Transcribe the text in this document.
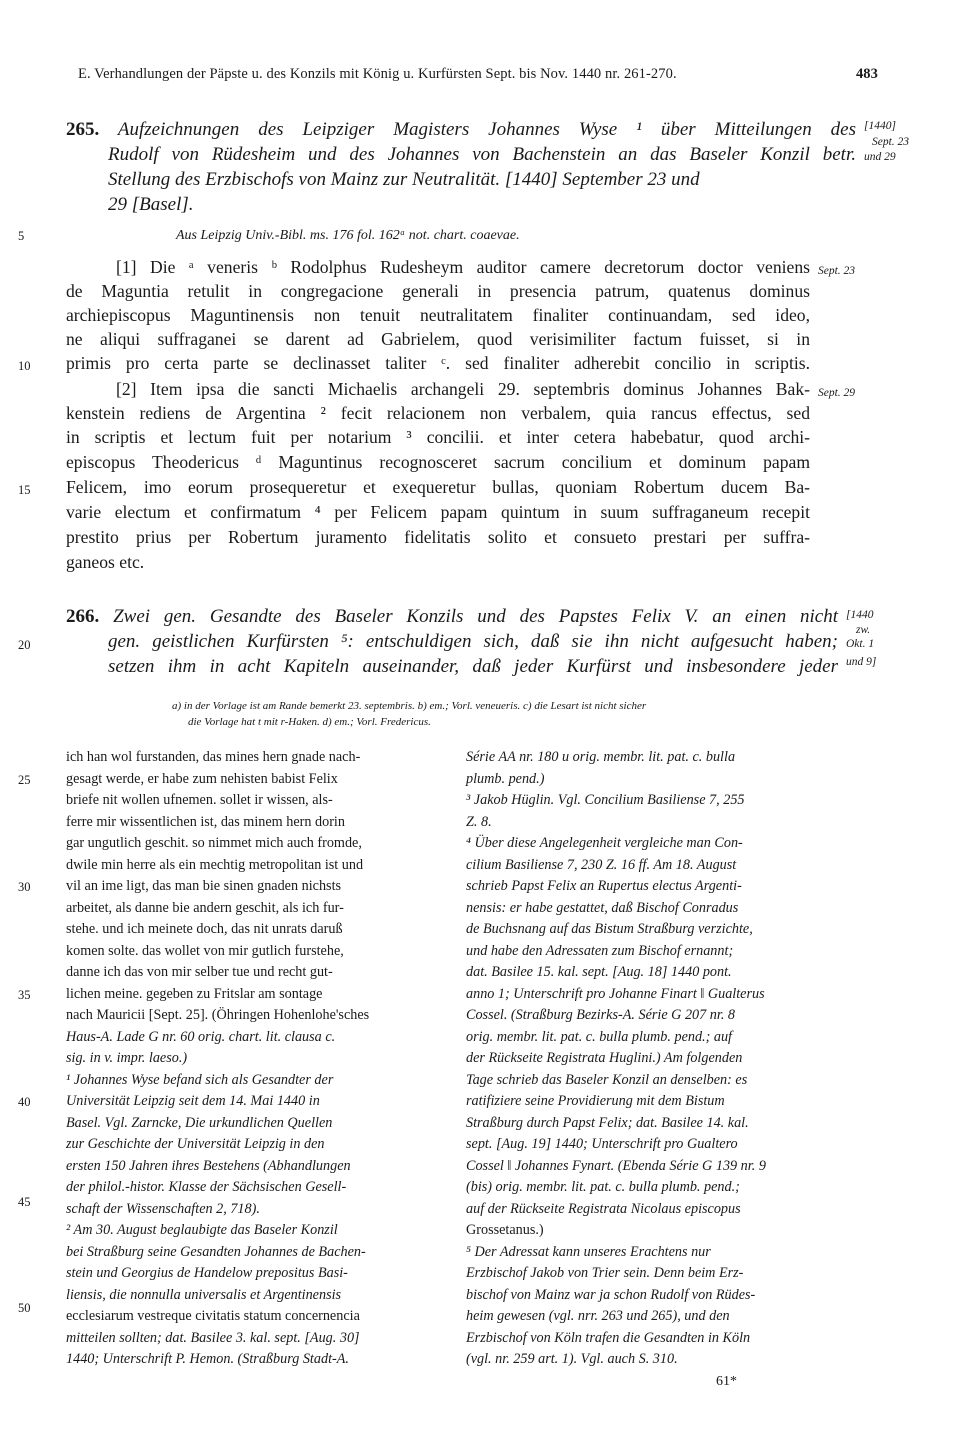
E. Verhandlungen der Päpste u. des Konzils mit König u. Kurfürsten Sept. bis Nov. 1440 nr. 261-270.	483
265. Aufzeichnungen des Leipziger Magisters Johannes Wyse ¹ über Mitteilungen des
Rudolf von Rüdesheim und des Johannes von Bachenstein an das Baseler Konzil betr.
Stellung des Erzbischofs von Mainz zur Neutralität. [1440] September 23 und
29 [Basel].
[1440]
Sept. 23
und 29
5	Aus Leipzig Univ.-Bibl. ms. 176 fol. 162ᵃ not. chart. coaevae.
[1] Die ᵃ veneris ᵇ Rodolphus Rudesheym auditor camere decretorum doctor veniens
de Maguntia retulit in congregacione generali in presencia patrum, quatenus dominus
archiepiscopus Maguntinensis non tenuit neutralitatem finaliter continuandam, sed ideo,
ne aliqui suffraganei se darent ad Gabrielem, quod verisimiliter factum fuisset, si in
primis pro certa parte se declinasset taliter ᶜ. sed finaliter adherebit concilio in scriptis.
[2] Item ipsa die sancti Michaelis archangeli 29. septembris dominus Johannes Bak-
kenstein rediens de Argentina ² fecit relacionem non verbalem, quia rancus effectus, sed
in scriptis et lectum fuit per notarium ³ concilii. et inter cetera habebatur, quod archi-
episcopus Theodericus ᵈ Maguntinus recognosceret sacrum concilium et dominum papam
Felicem, imo eorum prosequeretur et exequeretur bullas, quoniam Robertum ducem Ba-
varie electum et confirmatum ⁴ per Felicem papam quintum in suum suffraganeum recepit
prestito prius per Robertum juramento fidelitatis solito et consueto prestari per suffra-
ganeos etc.
Sept. 23
Sept. 29
10
15
266. Zwei gen. Gesandte des Baseler Konzils und des Papstes Felix V. an einen nicht
gen. geistlichen Kurfürsten ⁵: entschuldigen sich, daß sie ihn nicht aufgesucht haben;
setzen ihm in acht Kapiteln auseinander, daß jeder Kurfürst und insbesondere jeder
20
[1440
zw.
Okt. 1
und 9]
a) in der Vorlage ist am Rande bemerkt 23. septembris. b) em.; Vorl. veneueris. c) die Lesart ist nicht sicher
die Vorlage hat t mit r-Haken. d) em.; Vorl. Fredericus.
25
30
35
40
45
50
ich han wol furstanden, das mines hern gnade nach-
gesagt werde, er habe zum nehisten babist Felix
briefe nit wollen ufnemen. sollet ir wissen, als-
ferre mir wissentlichen ist, das minem hern dorin
gar ungutlich geschit. so nimmet mich auch fromde,
dwile min herre als ein mechtig metropolitan ist und
vil an ime ligt, das man bie sinen gnaden nichsts
arbeitet, als danne bie andern geschit, als ich fur-
stehe. und ich meinete doch, das nit unrats daruß
komen solte. das wollet von mir gutlich furstehe,
danne ich das von mir selber tue und recht gut-
lichen meine. gegeben zu Fritslar am sontage
nach Mauricii [Sept. 25]. (Öhringen Hohenlohe'sches
Haus-A. Lade G nr. 60 orig. chart. lit. clausa c.
sig. in v. impr. laeso.)
¹ Johannes Wyse befand sich als Gesandter der
Universität Leipzig seit dem 14. Mai 1440 in
Basel. Vgl. Zarncke, Die urkundlichen Quellen
zur Geschichte der Universität Leipzig in den
ersten 150 Jahren ihres Bestehens (Abhandlungen
der philol.-histor. Klasse der Sächsischen Gesell-
schaft der Wissenschaften 2, 718).
² Am 30. August beglaubigte das Baseler Konzil
bei Straßburg seine Gesandten Johannes de Bachen-
stein und Georgius de Handelow prepositus Basi-
liensis, die nonnulla universalis et Argentinensis
ecclesiarum vestreque civitatis statum concernencia
mitteilen sollten; dat. Basilee 3. kal. sept. [Aug. 30]
1440; Unterschrift P. Hemon. (Straßburg Stadt-A.
Série AA nr. 180 u orig. membr. lit. pat. c. bulla
plumb. pend.)
³ Jakob Hüglin. Vgl. Concilium Basiliense 7, 255
Z. 8.
⁴ Über diese Angelegenheit vergleiche man Con-
cilium Basiliense 7, 230 Z. 16 ff. Am 18. August
schrieb Papst Felix an Rupertus electus Argenti-
nensis: er habe gestattet, daß Bischof Conradus
de Buchsnang auf das Bistum Straßburg verzichte,
und habe den Adressaten zum Bischof ernannt;
dat. Basilee 15. kal. sept. [Aug. 18] 1440 pont.
anno 1; Unterschrift pro Johanne Finart ‖ Gualterus
Cossel. (Straßburg Bezirks-A. Série G 207 nr. 8
orig. membr. lit. pat. c. bulla plumb. pend.; auf
der Rückseite Registrata Huglini.) Am folgenden
Tage schrieb das Baseler Konzil an denselben: es
ratifiziere seine Providierung mit dem Bistum
Straßburg durch Papst Felix; dat. Basilee 14. kal.
sept. [Aug. 19] 1440; Unterschrift pro Gualtero
Cossel ‖ Johannes Fynart. (Ebenda Série G 139 nr. 9
(bis) orig. membr. lit. pat. c. bulla plumb. pend.;
auf der Rückseite Registrata Nicolaus episcopus
Grossetanus.)
⁵ Der Adressat kann unseres Erachtens nur
Erzbischof Jakob von Trier sein. Denn beim Erz-
bischof von Mainz war ja schon Rudolf von Rüdes-
heim gewesen (vgl. nrr. 263 und 265), und den
Erzbischof von Köln trafen die Gesandten in Köln
(vgl. nr. 259 art. 1). Vgl. auch S. 310.
61*
